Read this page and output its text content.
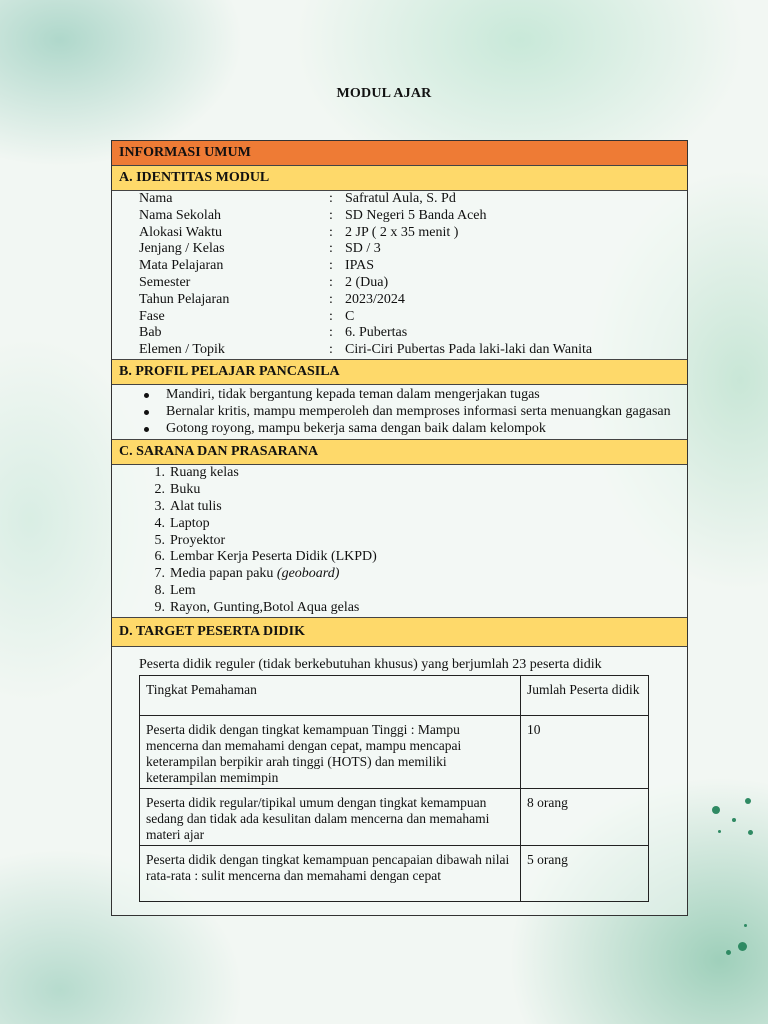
MODUL AJAR
INFORMASI UMUM
A. IDENTITAS MODUL
Nama	: Safratul Aula, S. Pd
Nama Sekolah	: SD Negeri 5 Banda Aceh
Alokasi Waktu	: 2 JP ( 2 x 35 menit )
Jenjang / Kelas	: SD / 3
Mata Pelajaran	: IPAS
Semester	: 2 (Dua)
Tahun Pelajaran	: 2023/2024
Fase	: C
Bab	: 6. Pubertas
Elemen / Topik	: Ciri-Ciri Pubertas Pada laki-laki dan Wanita
B. PROFIL PELAJAR PANCASILA
Mandiri, tidak bergantung kepada teman dalam mengerjakan tugas
Bernalar kritis, mampu memperoleh dan memproses informasi serta menuangkan gagasan
Gotong royong, mampu bekerja sama dengan baik dalam kelompok
C. SARANA DAN PRASARANA
1. Ruang kelas
2. Buku
3. Alat tulis
4. Laptop
5. Proyektor
6. Lembar Kerja Peserta Didik (LKPD)
7. Media papan paku (geoboard)
8. Lem
9. Rayon, Gunting,Botol Aqua gelas
D. TARGET PESERTA DIDIK
Peserta didik reguler (tidak berkebutuhan khusus) yang berjumlah 23 peserta didik
Tingkat Pemahaman	Jumlah Peserta didik
Peserta didik dengan tingkat kemampuan Tinggi : Mampu mencerna dan memahami dengan cepat, mampu mencapai keterampilan berpikir arah tinggi (HOTS) dan memiliki keterampilan memimpin	10
Peserta didik regular/tipikal umum dengan tingkat kemampuan sedang dan tidak ada kesulitan dalam mencerna dan memahami materi ajar	8 orang
Peserta didik dengan tingkat kemampuan pencapaian dibawah nilai rata-rata : sulit mencerna dan memahami dengan cepat	5 orang
